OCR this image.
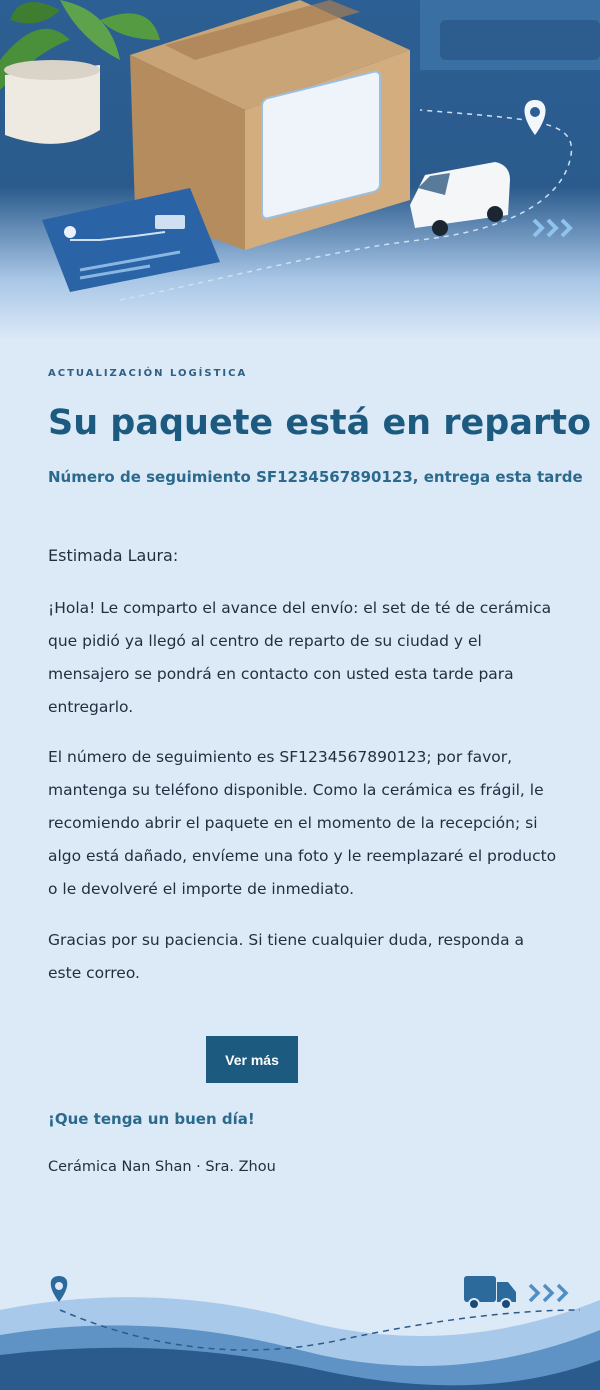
ACTUALIZACIÓN LOGÍSTICA
Su paquete está en reparto
Número de seguimiento SF1234567890123, entrega esta tarde

Estimada Laura:

¡Hola! Le comparto el avance del envío: el set de té de cerámica que pidió ya llegó al centro de reparto de su ciudad y el mensajero se pondrá en contacto con usted esta tarde para entregarlo.

El número de seguimiento es SF1234567890123; por favor, mantenga su teléfono disponible. Como la cerámica es frágil, le recomiendo abrir el paquete en el momento de la recepción; si algo está dañado, envíeme una foto y le reemplazaré el producto o le devolveré el importe de inmediato.

Gracias por su paciencia. Si tiene cualquier duda, responda a este correo.

¡Que tenga un buen día!

Cerámica Nan Shan · Sra. Zhou

Ver más
